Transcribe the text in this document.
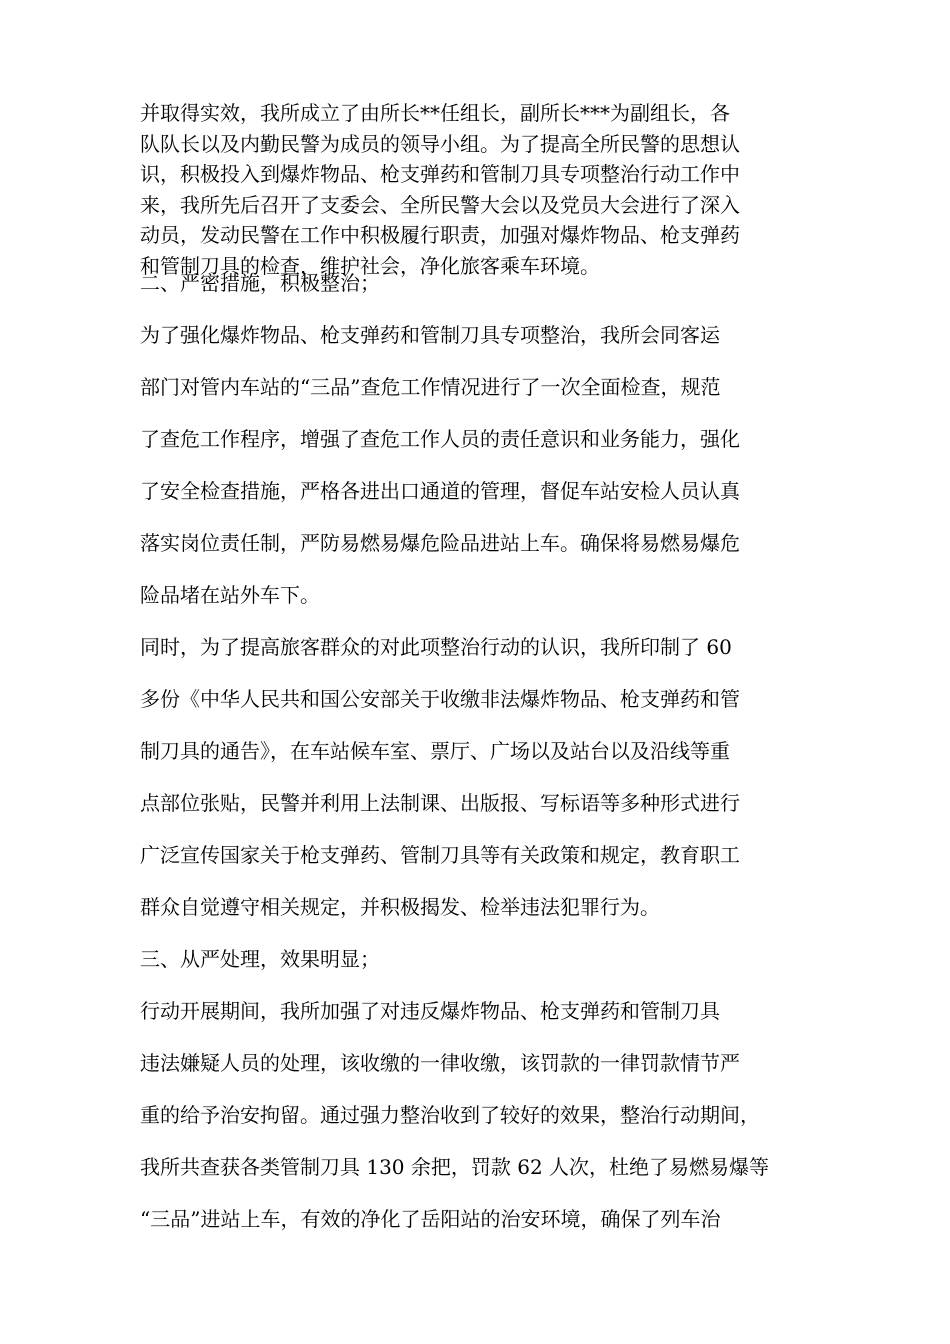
并取得实效，我所成立了由所长**任组长，副所长***为副组长，各
队队长以及内勤民警为成员的领导小组。为了提高全所民警的思想认
识，积极投入到爆炸物品、枪支弹药和管制刀具专项整治行动工作中
来，我所先后召开了支委会、全所民警大会以及党员大会进行了深入
动员，发动民警在工作中积极履行职责，加强对爆炸物品、枪支弹药
和管制刀具的检查，维护社会，净化旅客乘车环境。
二、严密措施，积极整治；
为了强化爆炸物品、枪支弹药和管制刀具专项整治，我所会同客运
部门对管内车站的“三品”查危工作情况进行了一次全面检查，规范
了查危工作程序，增强了查危工作人员的责任意识和业务能力，强化
了安全检查措施，严格各进出口通道的管理，督促车站安检人员认真
落实岗位责任制，严防易燃易爆危险品进站上车。确保将易燃易爆危
险品堵在站外车下。
同时，为了提高旅客群众的对此项整治行动的认识，我所印制了 60
多份《中华人民共和国公安部关于收缴非法爆炸物品、枪支弹药和管
制刀具的通告》，在车站候车室、票厅、广场以及站台以及沿线等重
点部位张贴，民警并利用上法制课、出版报、写标语等多种形式进行
广泛宣传国家关于枪支弹药、管制刀具等有关政策和规定，教育职工
群众自觉遵守相关规定，并积极揭发、检举违法犯罪行为。
三、从严处理，效果明显；
行动开展期间，我所加强了对违反爆炸物品、枪支弹药和管制刀具
违法嫌疑人员的处理，该收缴的一律收缴，该罚款的一律罚款情节严
重的给予治安拘留。通过强力整治收到了较好的效果，整治行动期间，
我所共查获各类管制刀具 130 余把，罚款 62 人次，杜绝了易燃易爆等
“三品”进站上车，有效的净化了岳阳站的治安环境，确保了列车治
